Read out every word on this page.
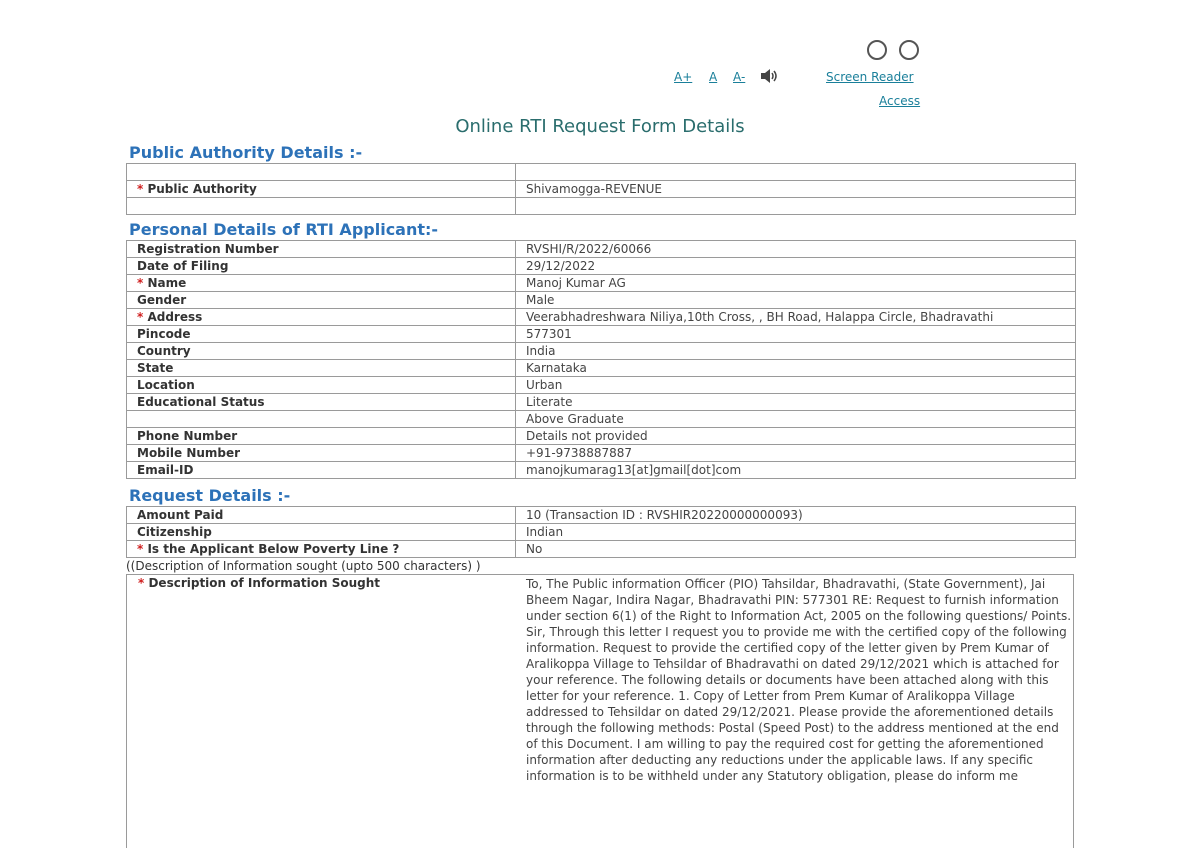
A+ A A-	Screen Reader
Access
Online RTI Request Form Details
Public Authority Details :-

* Public Authority	Shivamogga-REVENUE

Personal Details of RTI Applicant:-
Registration Number	RVSHI/R/2022/60066
Date of Filing	29/12/2022
* Name	Manoj Kumar AG
Gender	Male
* Address	Veerabhadreshwara Niliya,10th Cross, , BH Road, Halappa Circle, Bhadravathi
Pincode	577301
Country	India
State	Karnataka
Location	Urban
Educational Status	Literate
	Above Graduate
Phone Number	Details not provided
Mobile Number	+91-9738887887
Email-ID	manojkumarag13[at]gmail[dot]com
Request Details :-
Amount Paid	10 (Transaction ID : RVSHIR20220000000093)
Citizenship	Indian
* Is the Applicant Below Poverty Line ?	No
((Description of Information sought (upto 500 characters) )
* Description of Information Sought	To, The Public information Officer (PIO) Tahsildar, Bhadravathi, (State Government), Jai Bheem Nagar, Indira Nagar, Bhadravathi PIN: 577301 RE: Request to furnish information under section 6(1) of the Right to Information Act, 2005 on the following questions/ Points. Sir, Through this letter I request you to provide me with the certified copy of the following information. Request to provide the certified copy of the letter given by Prem Kumar of Aralikoppa Village to Tehsildar of Bhadravathi on dated 29/12/2021 which is attached for your reference. The following details or documents have been attached along with this letter for your reference. 1. Copy of Letter from Prem Kumar of Aralikoppa Village addressed to Tehsildar on dated 29/12/2021. Please provide the aforementioned details through the following methods: Postal (Speed Post) to the address mentioned at the end of this Document. I am willing to pay the required cost for getting the aforementioned information after deducting any reductions under the applicable laws. If any specific information is to be withheld under any Statutory obligation, please do inform me
